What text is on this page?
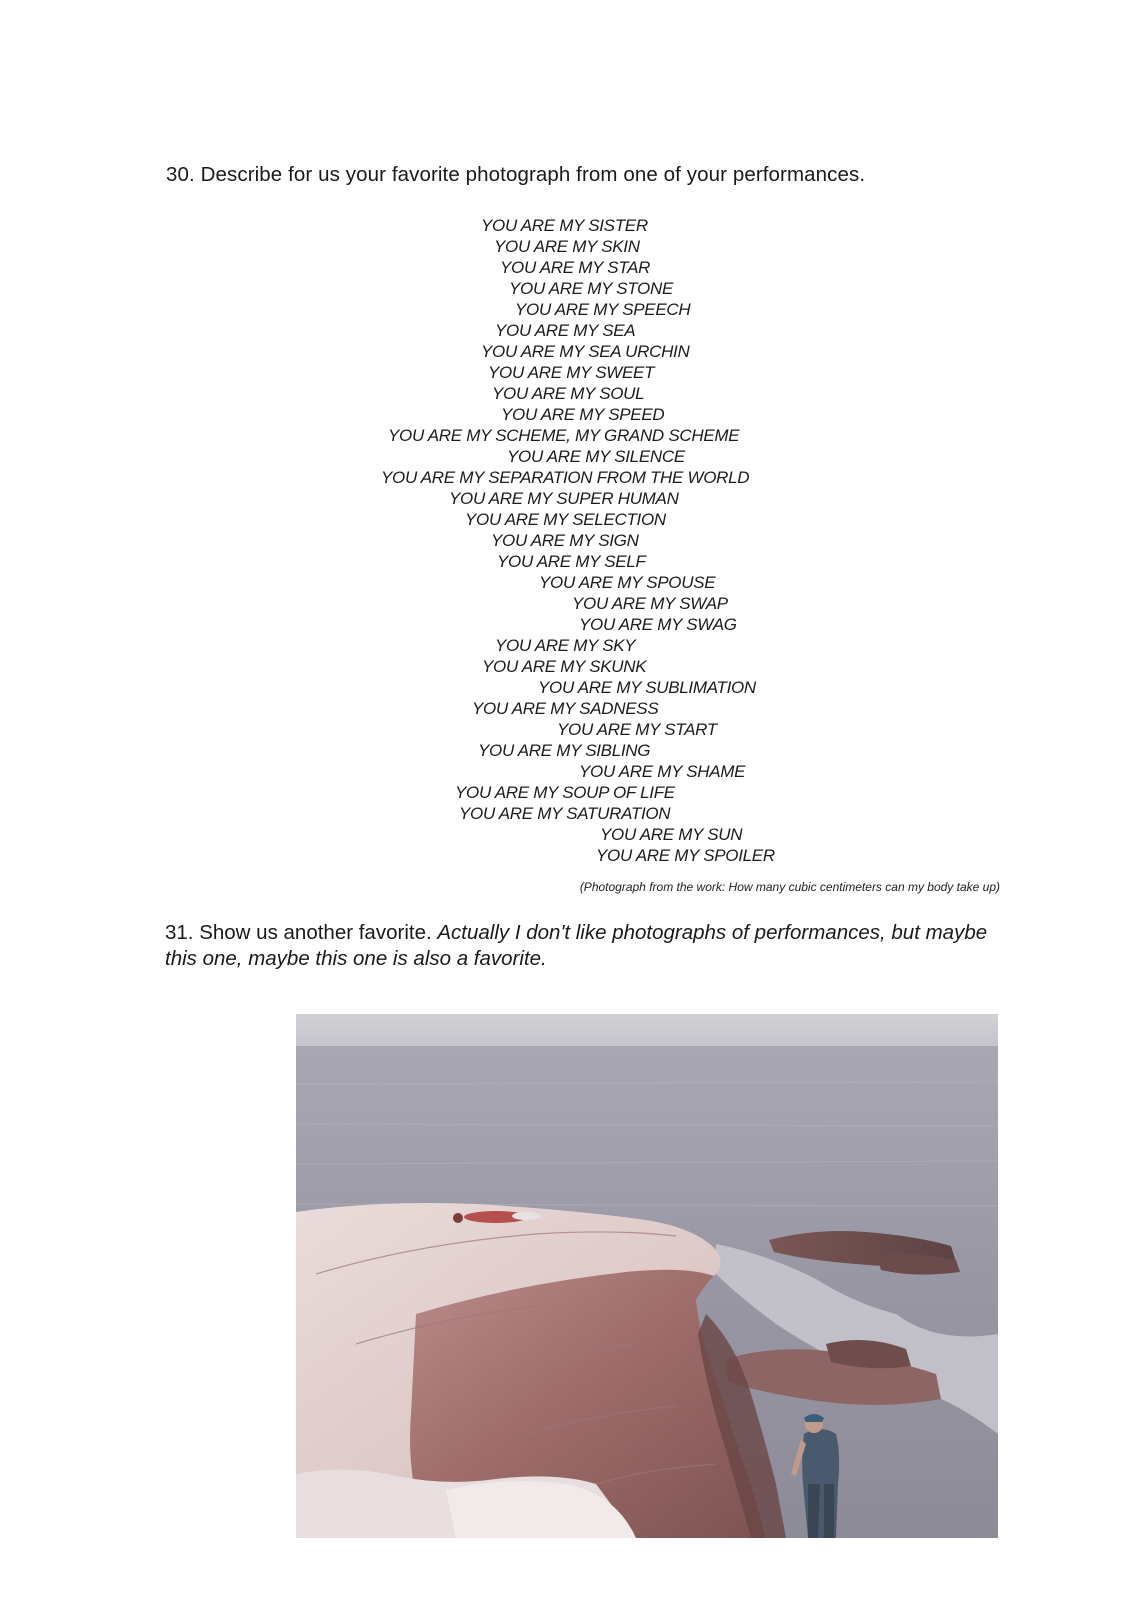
30. Describe for us your favorite photograph from one of your performances.
YOU ARE MY SISTER
YOU ARE MY SKIN
YOU ARE MY STAR
YOU ARE MY STONE
YOU ARE MY SPEECH
YOU ARE MY SEA
YOU ARE MY SEA URCHIN
YOU ARE MY SWEET
YOU ARE MY SOUL
YOU ARE MY SPEED
YOU ARE MY SCHEME, MY GRAND SCHEME
YOU ARE MY SILENCE
YOU ARE MY SEPARATION FROM THE WORLD
YOU ARE MY SUPER HUMAN
YOU ARE MY SELECTION
YOU ARE MY SIGN
YOU ARE MY SELF
YOU ARE MY SPOUSE
YOU ARE MY SWAP
YOU ARE MY SWAG
YOU ARE MY SKY
YOU ARE MY SKUNK
YOU ARE MY SUBLIMATION
YOU ARE MY SADNESS
YOU ARE MY START
YOU ARE MY SIBLING
YOU ARE MY SHAME
YOU ARE MY SOUP OF LIFE
YOU ARE MY SATURATION
YOU ARE MY SUN
YOU ARE MY SPOILER
(Photograph from the work: How many cubic centimeters can my body take up)
31. Show us another favorite. Actually I don't like photographs of performances, but maybe this one, maybe this one is also a favorite.
